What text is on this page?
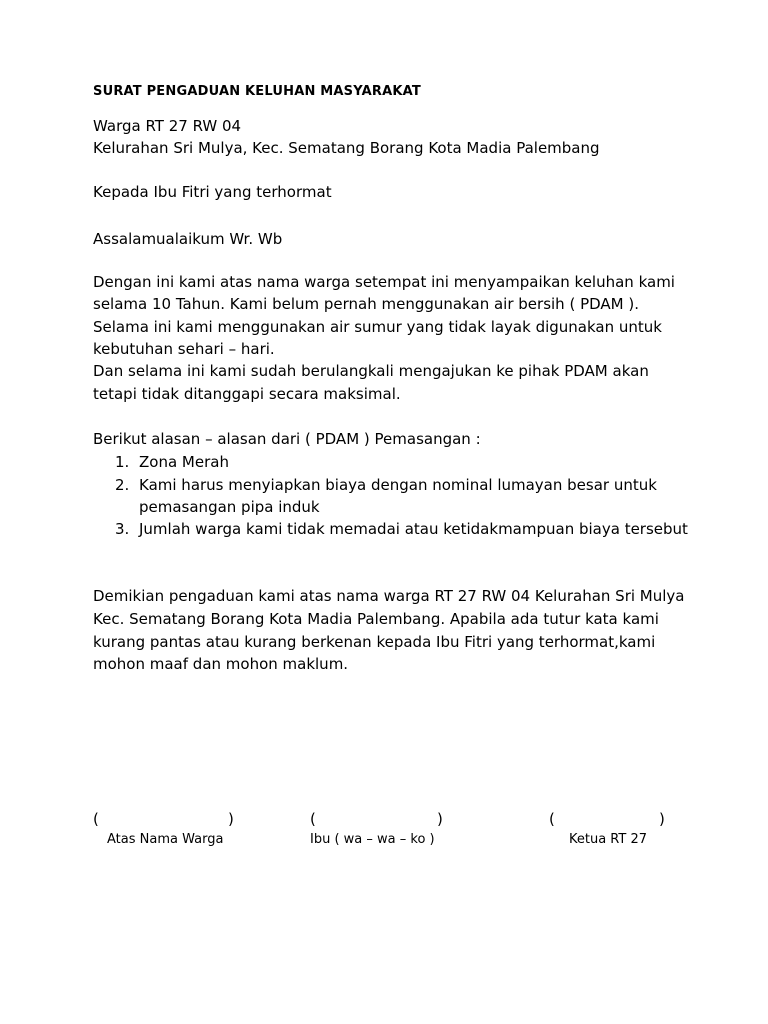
SURAT PENGADUAN KELUHAN MASYARAKAT
Warga RT 27 RW 04
Kelurahan Sri Mulya, Kec. Sematang Borang Kota Madia Palembang
Kepada Ibu Fitri yang terhormat
Assalamualaikum Wr. Wb
Dengan ini kami atas nama warga setempat ini menyampaikan keluhan kami
selama 10 Tahun. Kami belum pernah menggunakan air bersih ( PDAM ).
Selama ini kami menggunakan air sumur yang tidak layak digunakan untuk
kebutuhan sehari – hari.
Dan selama ini kami sudah berulangkali mengajukan ke pihak PDAM akan
tetapi tidak ditanggapi secara maksimal.
Berikut alasan – alasan dari ( PDAM ) Pemasangan :
1. Zona Merah
2. Kami harus menyiapkan biaya dengan nominal lumayan besar untuk
pemasangan pipa induk
3. Jumlah warga kami tidak memadai atau ketidakmampuan biaya tersebut
Demikian pengaduan kami atas nama warga RT 27 RW 04 Kelurahan Sri Mulya
Kec. Sematang Borang Kota Madia Palembang. Apabila ada tutur kata kami
kurang pantas atau kurang berkenan kepada Ibu Fitri yang terhormat,kami
mohon maaf dan mohon maklum.
(	)	(	)	(	)
Atas Nama Warga	Ibu ( wa – wa – ko )	Ketua RT 27
